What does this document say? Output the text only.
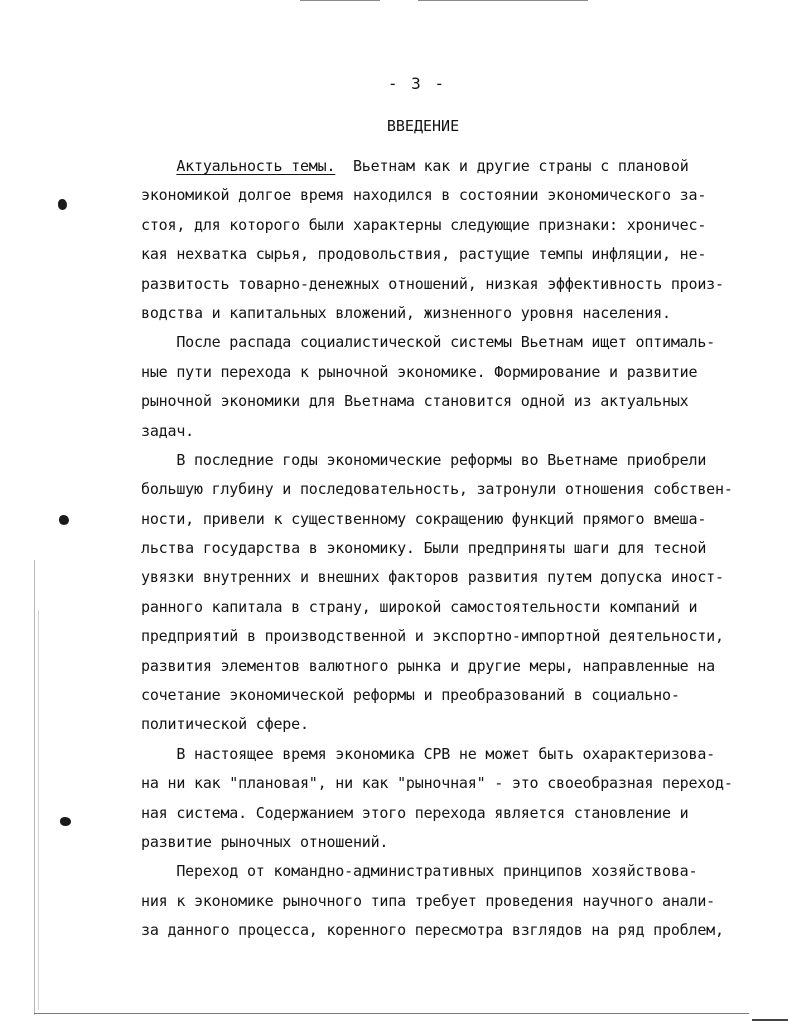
- 3 -
ВВЕДЕНИЕ
Актуальность темы.  Вьетнам как и другие страны с плановой
экономикой долгое время находился в состоянии экономического за-
стоя, для которого были характерны следующие признаки: хроничес-
кая нехватка сырья, продовольствия, растущие темпы инфляции, не-
развитость товарно-денежных отношений, низкая эффективность произ-
водства и капитальных вложений, жизненного уровня населения.
После распада социалистической системы Вьетнам ищет оптималь-
ные пути перехода к рыночной экономике. Формирование и развитие
рыночной экономики для Вьетнама становится одной из актуальных
задач.
В последние годы экономические реформы во Вьетнаме приобрели
большую глубину и последовательность, затронули отношения собствен-
ности, привели к существенному сокращению функций прямого вмеша-
льства государства в экономику. Были предприняты шаги для тесной
увязки внутренних и внешних факторов развития путем допуска иност-
ранного капитала в страну, широкой самостоятельности компаний и
предприятий в производственной и экспортно-импортной деятельности,
развития элементов валютного рынка и другие меры, направленные на
сочетание экономической реформы и преобразований в социально-
политической сфере.
В настоящее время экономика СРВ не может быть охарактеризова-
на ни как "плановая", ни как "рыночная" - это своеобразная переход-
ная система. Содержанием этого перехода является становление и
развитие рыночных отношений.
Переход от командно-административных принципов хозяйствова-
ния к экономике рыночного типа требует проведения научного анали-
за данного процесса, коренного пересмотра взглядов на ряд проблем,
